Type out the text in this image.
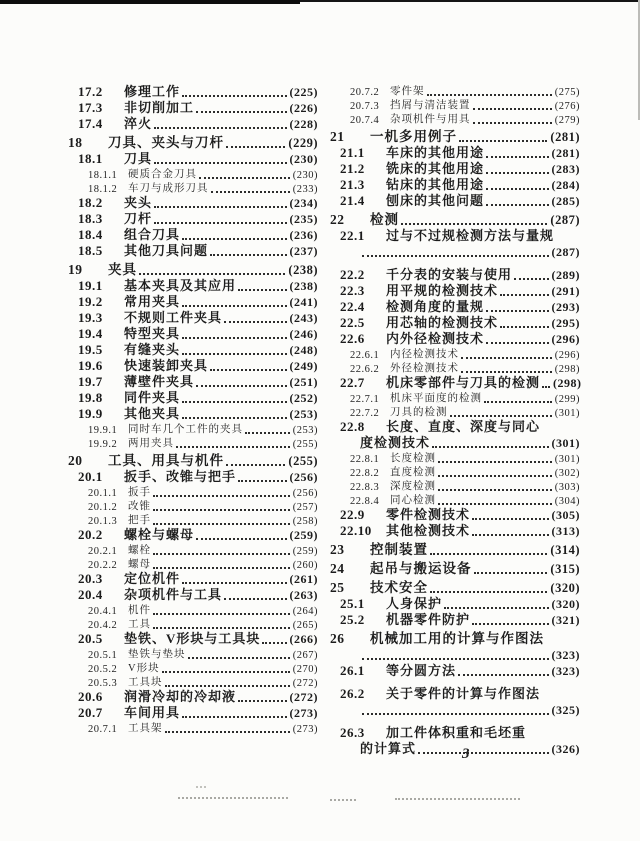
17.2	修理工作	(225)
17.3	非切削加工	(226)
17.4	淬火	(228)
18	刀具、夹头与刀杆	(229)
18.1	刀具	(230)
18.1.1	硬质合金刀具	(230)
18.1.2	车刀与成形刀具	(233)
18.2	夹头	(234)
18.3	刀杆	(235)
18.4	组合刀具	(236)
18.5	其他刀具问题	(237)
19	夹具	(238)
19.1	基本夹具及其应用	(238)
19.2	常用夹具	(241)
19.3	不规则工件夹具	(243)
19.4	特型夹具	(246)
19.5	有缝夹头	(248)
19.6	快速装卸夹具	(249)
19.7	薄壁件夹具	(251)
19.8	同件夹具	(252)
19.9	其他夹具	(253)
19.9.1	同时车几个工件的夹具	(253)
19.9.2	两用夹具	(255)
20	工具、用具与机件	(255)
20.1	扳手、改锥与把手	(256)
20.1.1	扳手	(256)
20.1.2	改锥	(257)
20.1.3	把手	(258)
20.2	螺栓与螺母	(259)
20.2.1	螺栓	(259)
20.2.2	螺母	(260)
20.3	定位机件	(261)
20.4	杂项机件与工具	(263)
20.4.1	机件	(264)
20.4.2	工具	(265)
20.5	垫铁、V形块与工具块 (266)
20.5.1	垫铁与垫块	(267)
20.5.2	V形块	(270)
20.5.3	工具块	(272)
20.6	润滑冷却的冷却液	(272)
20.7	车间用具	(273)
20.7.1	工具架	(273)
20.7.2	零件架	(275)
20.7.3	挡屑与清洁装置	(276)
20.7.4	杂项机件与用具	(279)
21	一机多用例子	(281)
21.1	车床的其他用途	(281)
21.2	铣床的其他用途	(283)
21.3	钻床的其他用途	(284)
21.4	刨床的其他问题	(285)
22	检测	(287)
22.1	过与不过规检测方法与量规
(287)
22.2	千分表的安装与使用	(289)
22.3	用平规的检测技术	(291)
22.4	检测角度的量规	(293)
22.5	用芯轴的检测技术	(295)
22.6	内外径检测技术	(296)
22.6.1	内径检测技术	(296)
22.6.2	外径检测技术	(298)
22.7	机床零部件与刀具的检测 (298)
22.7.1	机床平面度的检测	(299)
22.7.2	刀具的检测	(301)
22.8	长度、直度、深度与同心
度检测技术	(301)
22.8.1	长度检测	(301)
22.8.2	直度检测	(302)
22.8.3	深度检测	(303)
22.8.4	同心检测	(304)
22.9	零件检测技术	(305)
22.10	其他检测技术	(313)
23	控制装置	(314)
24	起吊与搬运设备	(315)
25	技术安全	(320)
25.1	人身保护	(320)
25.2	机器零件防护	(321)
26	机械加工用的计算与作图法
(323)
26.1	等分圆方法	(323)
26.2	关于零件的计算与作图法
(325)
26.3	加工件体积重和毛坯重
的计算式	(326)
3
